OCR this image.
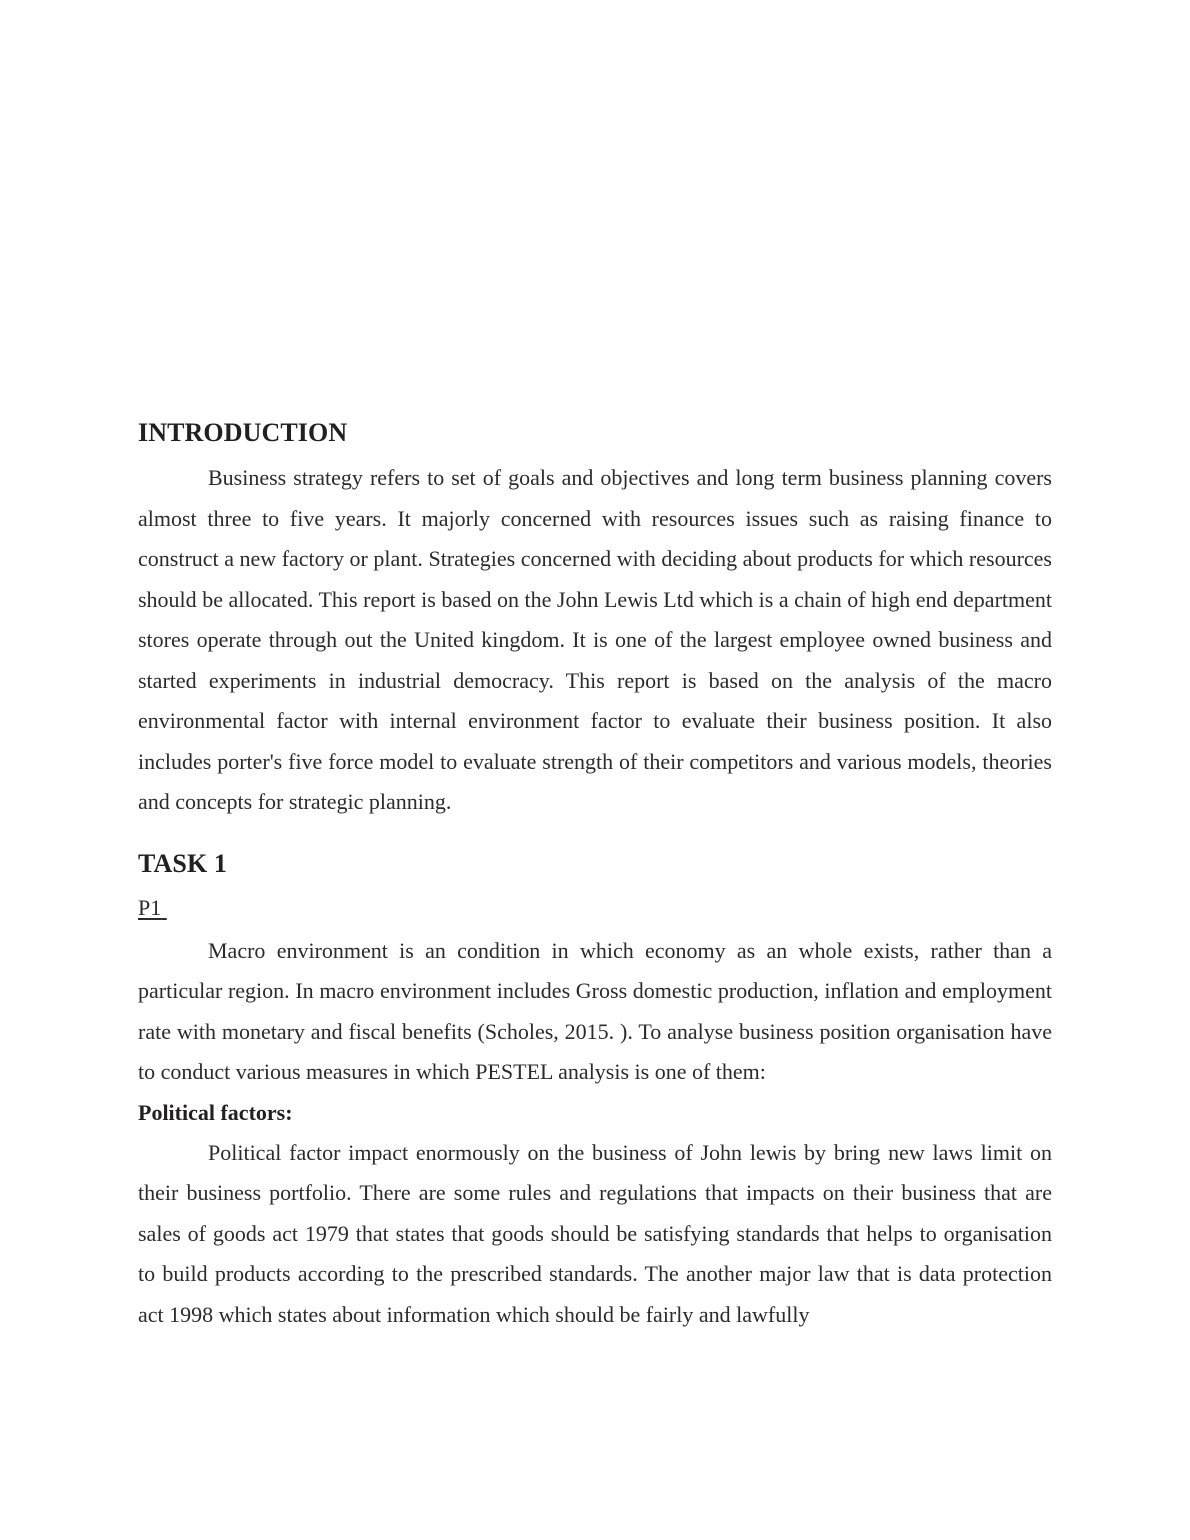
INTRODUCTION

Business strategy refers to set of goals and objectives and long term business planning covers almost three to five years. It majorly concerned with resources issues such as raising finance to construct a new factory or plant. Strategies concerned with deciding about products for which resources should be allocated. This report is based on the John Lewis Ltd which is a chain of high end department stores operate through out the United kingdom. It is one of the largest employee owned business and started experiments in industrial democracy. This report is based on the analysis of the macro environmental factor with internal environment factor to evaluate their business position. It also includes porter's five force model to evaluate strength of their competitors and various models, theories and concepts for strategic planning.

TASK 1
P1

Macro environment is an condition in which economy as an whole exists, rather than a particular region. In macro environment includes Gross domestic production, inflation and employment rate with monetary and fiscal benefits (Scholes, 2015. ). To analyse business position organisation have to conduct various measures in which PESTEL analysis is one of them:

Political factors:

Political factor impact enormously on the business of John lewis by bring new laws limit on their business portfolio. There are some rules and regulations that impacts on their business that are sales of goods act 1979 that states that goods should be satisfying standards that helps to organisation to build products according to the prescribed standards. The another major law that is data protection act 1998 which states about information which should be fairly and lawfully
